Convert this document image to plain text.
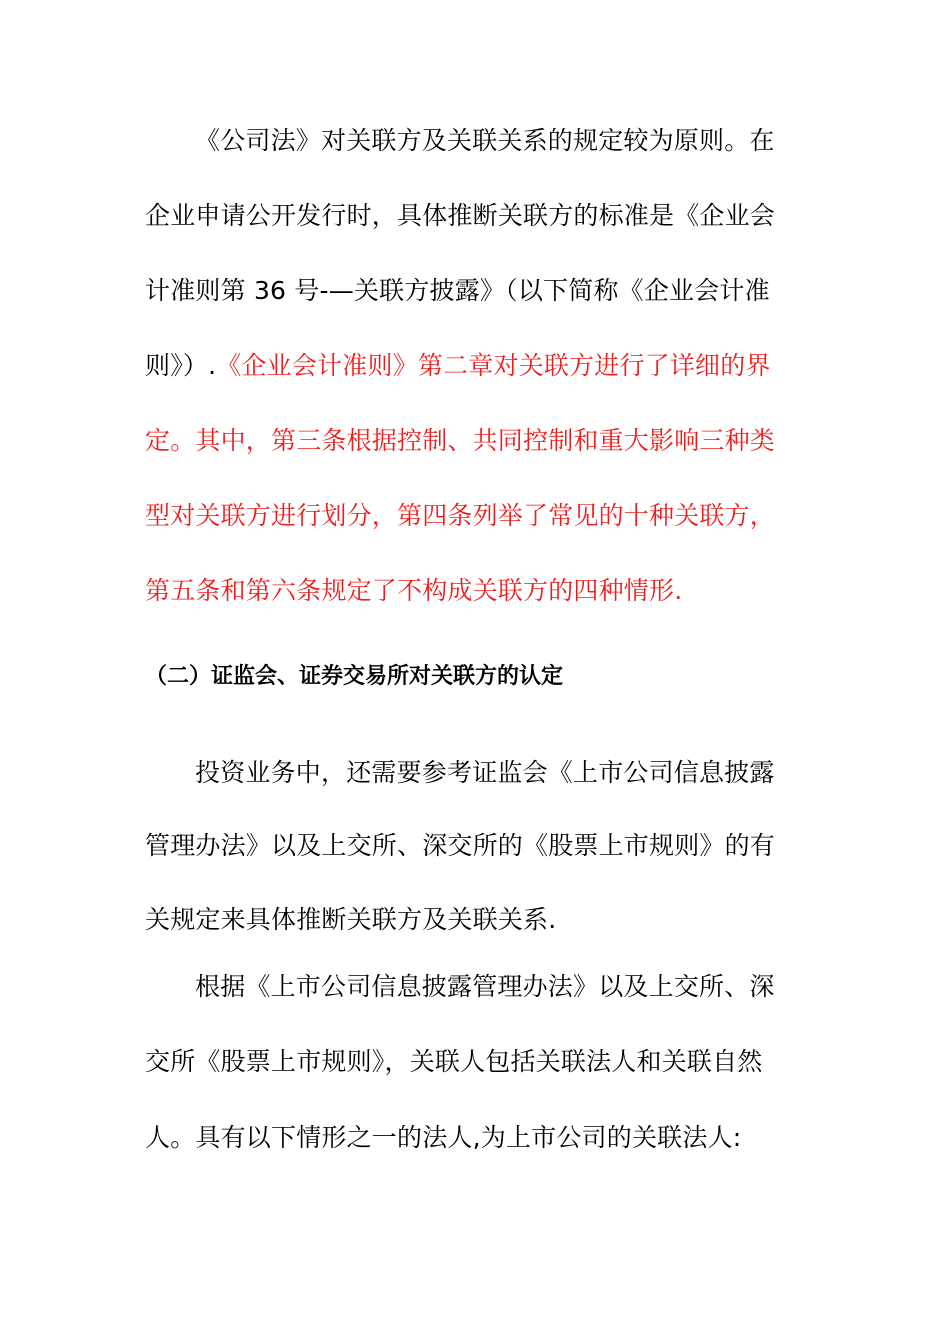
《公司法》对关联方及关联关系的规定较为原则。在
企业申请公开发行时，具体推断关联方的标准是《企业会
计准则第 36 号-—关联方披露》（以下简称《企业会计准
则》）.《企业会计准则》第二章对关联方进行了详细的界
定。其中，第三条根据控制、共同控制和重大影响三种类
型对关联方进行划分，第四条列举了常见的十种关联方，
第五条和第六条规定了不构成关联方的四种情形.
（二）证监会、证券交易所对关联方的认定
投资业务中，还需要参考证监会《上市公司信息披露
管理办法》以及上交所、深交所的《股票上市规则》的有
关规定来具体推断关联方及关联关系.
根据《上市公司信息披露管理办法》以及上交所、深
交所《股票上市规则》，关联人包括关联法人和关联自然
人。具有以下情形之一的法人,为上市公司的关联法人:
